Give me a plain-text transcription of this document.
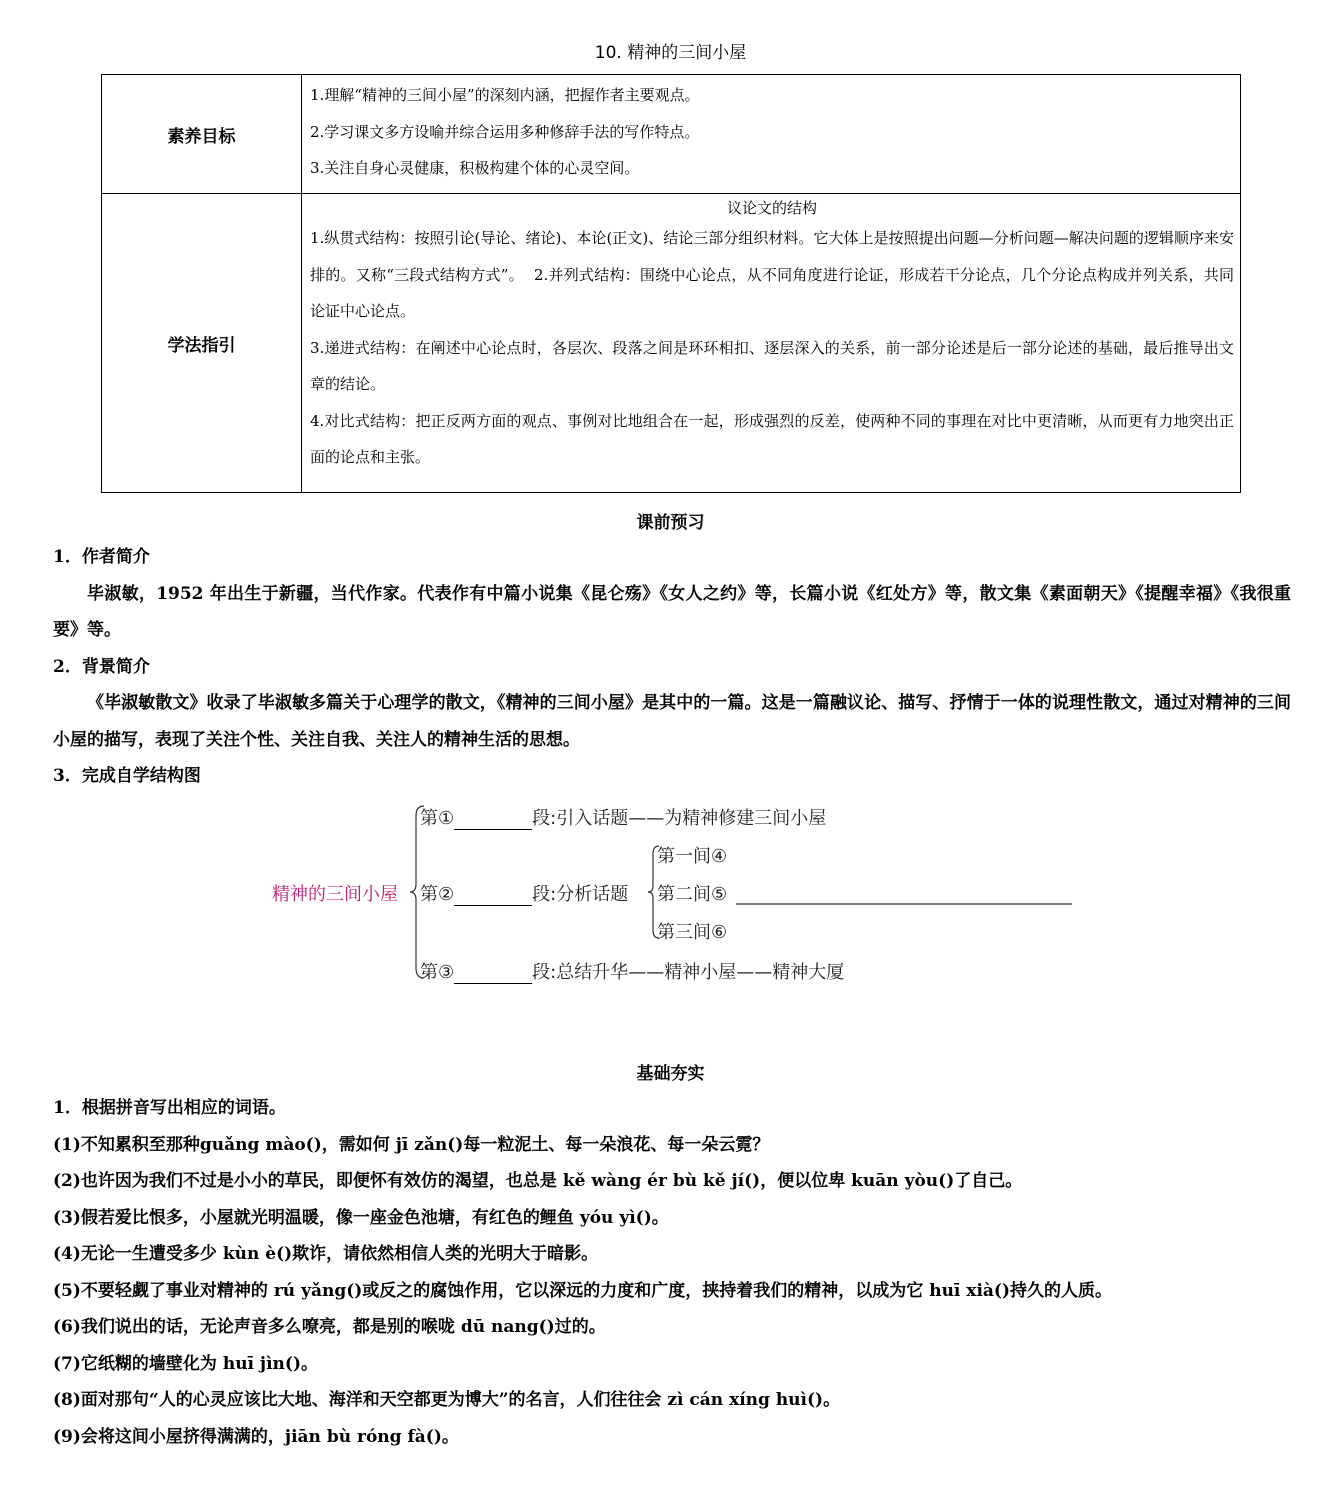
10. 精神的三间小屋
素养目标	1.理解“精神的三间小屋”的深刻内涵，把握作者主要观点。
2.学习课文多方设喻并综合运用多种修辞手法的写作特点。
3.关注自身心灵健康，积极构建个体的心灵空间。

学法指引	议论文的结构
1.纵贯式结构：按照引论(导论、绪论)、本论(正文)、结论三部分组织材料。它大体上是按照提出问题—分析问题—解决问题的逻辑顺序来安排的。又称“三段式结构方式”。 2.并列式结构：围绕中心论点，从不同角度进行论证，形成若干分论点，几个分论点构成并列关系，共同论证中心论点。
3.递进式结构：在阐述中心论点时，各层次、段落之间是环环相扣、逐层深入的关系，前一部分论述是后一部分论述的基础，最后推导出文章的结论。
4.对比式结构：把正反两方面的观点、事例对比地组合在一起，形成强烈的反差，使两种不同的事理在对比中更清晰，从而更有力地突出正面的论点和主张。
课前预习
1．作者简介
毕淑敏，1952 年出生于新疆，当代作家。代表作有中篇小说集《昆仑殇》《女人之约》等，长篇小说《红处方》等，散文集《素面朝天》《提醒幸福》《我很重要》等。
2．背景简介
《毕淑敏散文》收录了毕淑敏多篇关于心理学的散文，《精神的三间小屋》是其中的一篇。这是一篇融议论、描写、抒情于一体的说理性散文，通过对精神的三间小屋的描写，表现了关注个性、关注自我、关注人的精神生活的思想。
3．完成自学结构图
精神的三间小屋
第①	段:引入话题——为精神修建三间小屋
第②	段:分析话题
第一间④
第二间⑤
第三间⑥
第③	段:总结升华——精神小屋——精神大厦
基础夯实
1．根据拼音写出相应的词语。
(1)不知累积至那种guǎng mào()，需如何 jī zǎn()每一粒泥土、每一朵浪花、每一朵云霓？
(2)也许因为我们不过是小小的草民，即便怀有效仿的渴望，也总是 kě wàng ér bù kě jí()，便以位卑 kuān yòu()了自己。
(3)假若爱比恨多，小屋就光明温暖，像一座金色池塘，有红色的鲤鱼 yóu yì()。
(4)无论一生遭受多少 kùn è()欺诈，请依然相信人类的光明大于暗影。
(5)不要轻觑了事业对精神的 rú yǎng()或反之的腐蚀作用，它以深远的力度和广度，挟持着我们的精神，以成为它 huī xià()持久的人质。
(6)我们说出的话，无论声音多么嘹亮，都是别的喉咙 dū nang()过的。
(7)它纸糊的墙壁化为 huī jìn()。
(8)面对那句“人的心灵应该比大地、海洋和天空都更为博大”的名言，人们往往会 zì cán xíng huì()。
(9)会将这间小屋挤得满满的，jiān bù róng fà()。
